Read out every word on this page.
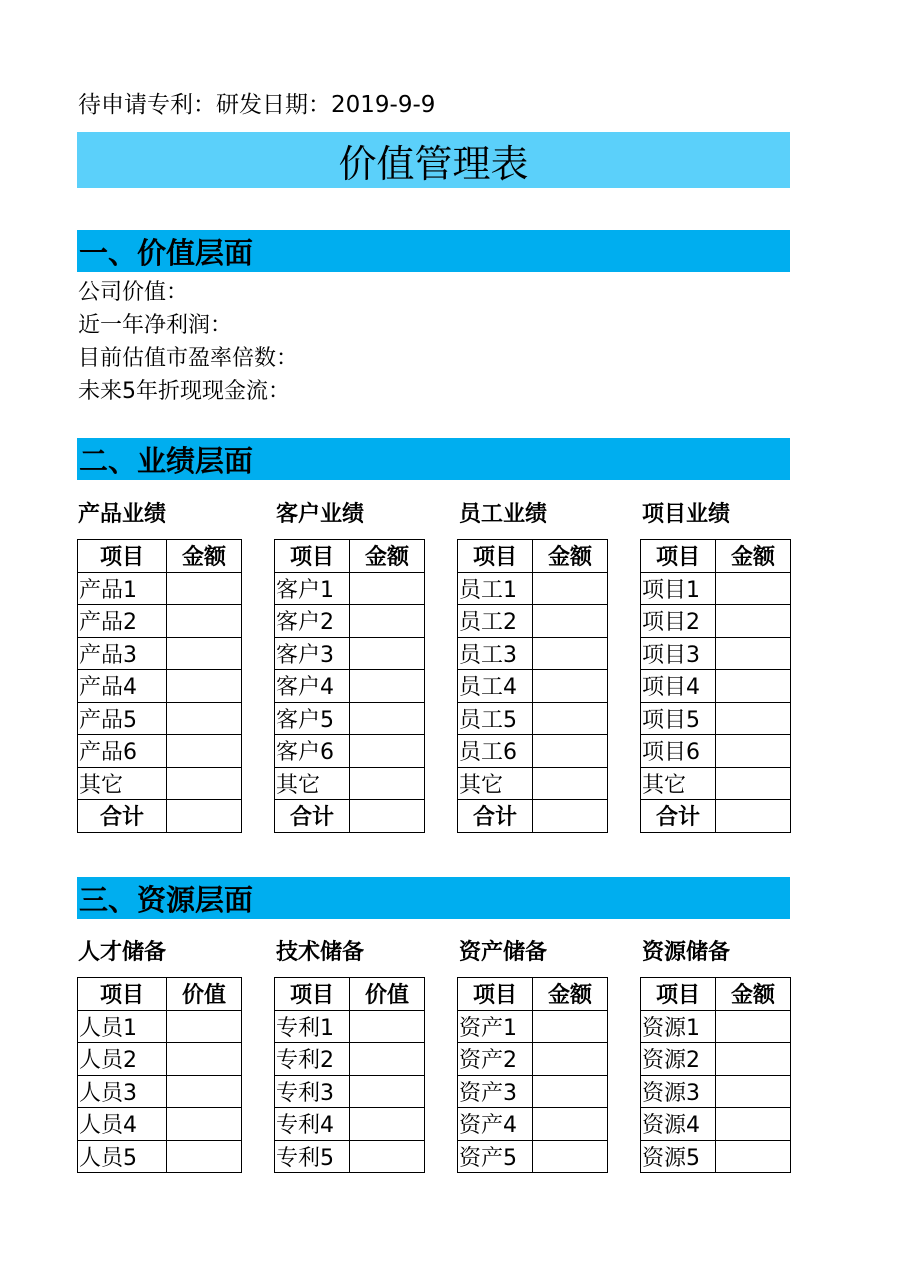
待申请专利：研发日期：2019-9-9
价值管理表
一、价值层面
公司价值：
近一年净利润：
目前估值市盈率倍数：
未来5年折现现金流：
二、业绩层面
产品业绩
项目	金额
产品1	
产品2	
产品3	
产品4	
产品5	
产品6	
其它	
合计	
客户业绩
项目	金额
客户1	
客户2	
客户3	
客户4	
客户5	
客户6	
其它	
合计	
员工业绩
项目	金额
员工1	
员工2	
员工3	
员工4	
员工5	
员工6	
其它	
合计	
项目业绩
项目	金额
项目1	
项目2	
项目3	
项目4	
项目5	
项目6	
其它	
合计	
三、资源层面
人才储备
项目	价值
人员1	
人员2	
人员3	
人员4	
人员5	
技术储备
项目	价值
专利1	
专利2	
专利3	
专利4	
专利5	
资产储备
项目	金额
资产1	
资产2	
资产3	
资产4	
资产5	
资源储备
项目	金额
资源1	
资源2	
资源3	
资源4	
资源5	
